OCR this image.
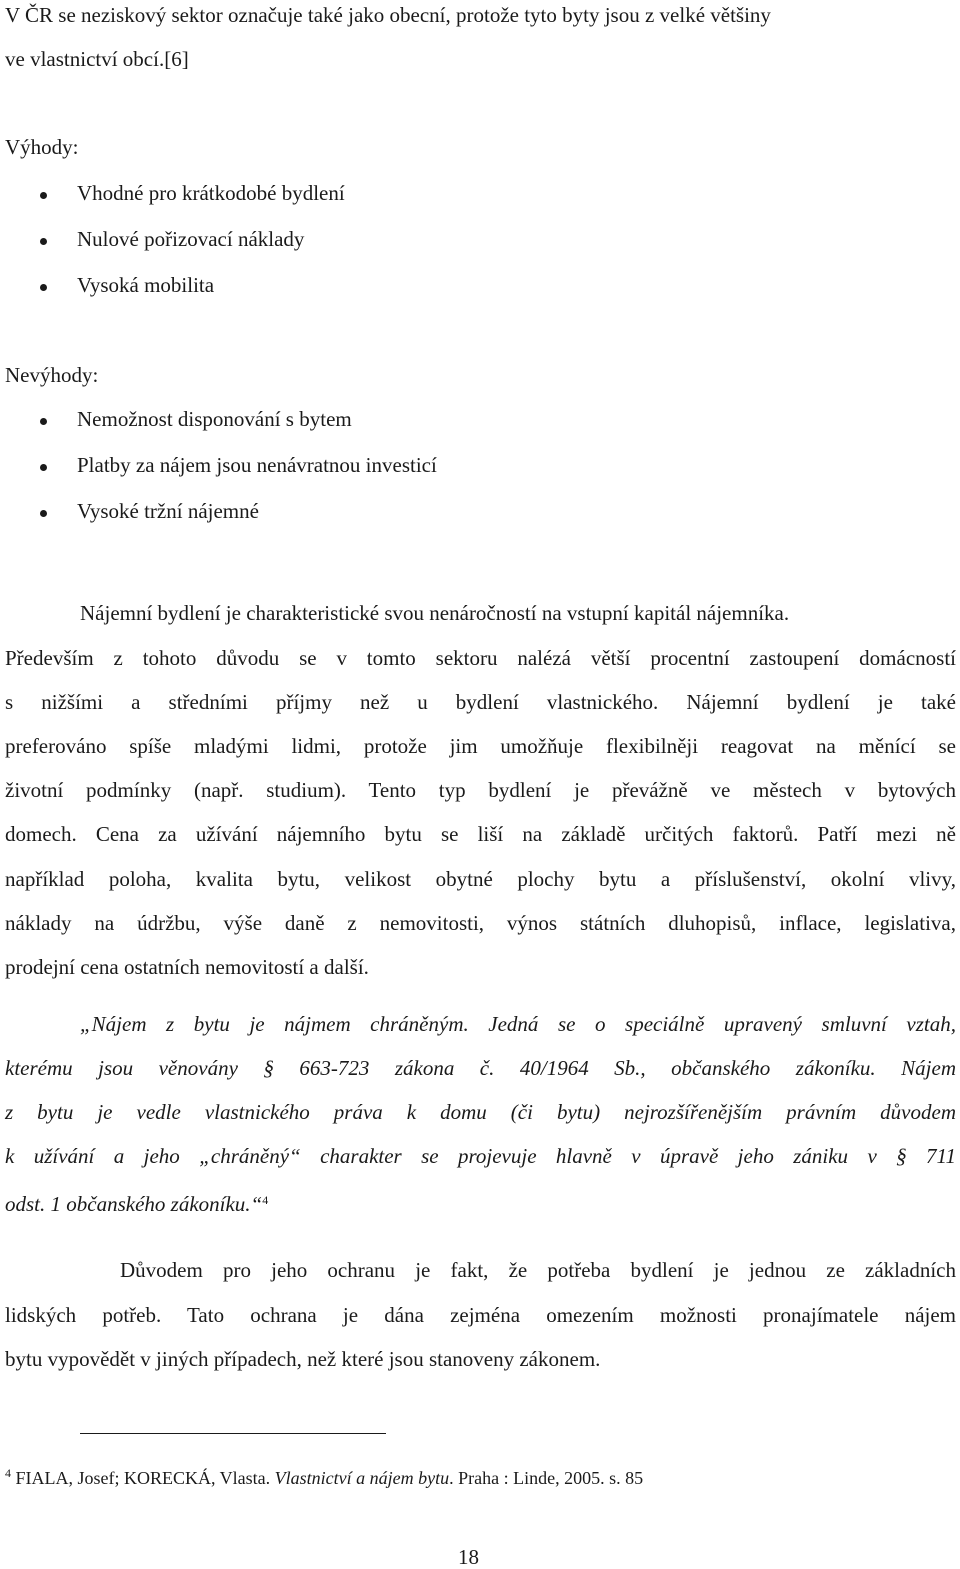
V ČR se neziskový sektor označuje také jako obecní, protože tyto byty jsou z velké většiny
ve vlastnictví obcí.[6]
Výhody:
Vhodné pro krátkodobé bydlení
Nulové pořizovací náklady
Vysoká mobilita
Nevýhody:
Nemožnost disponování s bytem
Platby za nájem jsou nenávratnou investicí
Vysoké tržní nájemné
Nájemní bydlení je charakteristické svou nenáročností na vstupní kapitál nájemníka.
Především z tohoto důvodu se v tomto sektoru nalézá větší procentní zastoupení domácností
s nižšími a středními příjmy než u bydlení vlastnického. Nájemní bydlení je také
preferováno spíše mladými lidmi, protože jim umožňuje flexibilněji reagovat na měnící se
životní podmínky (např. studium). Tento typ bydlení je převážně ve městech v bytových
domech. Cena za užívání nájemního bytu se liší na základě určitých faktorů. Patří mezi ně
například poloha, kvalita bytu, velikost obytné plochy bytu a příslušenství, okolní vlivy,
náklady na údržbu, výše daně z nemovitosti, výnos státních dluhopisů, inflace, legislativa,
prodejní cena ostatních nemovitostí a další.
„Nájem z bytu je nájmem chráněným. Jedná se o speciálně upravený smluvní vztah,
kterému jsou věnovány § 663-723 zákona č. 40/1964 Sb., občanského zákoníku. Nájem
z bytu je vedle vlastnického práva k domu (či bytu) nejrozšířenějším právním důvodem
k užívání a jeho „chráněný“ charakter se projevuje hlavně v úpravě jeho zániku v § 711
odst. 1 občanského zákoníku.“$^4$
Důvodem pro jeho ochranu je fakt, že potřeba bydlení je jednou ze základních
lidských potřeb. Tato ochrana je dána zejména omezením možnosti pronajímatele nájem
bytu vypovědět v jiných případech, než které jsou stanoveny zákonem.
$^4$ FIALA, Josef; KORECKÁ, Vlasta. Vlastnictví a nájem bytu. Praha : Linde, 2005. s. 85
18
